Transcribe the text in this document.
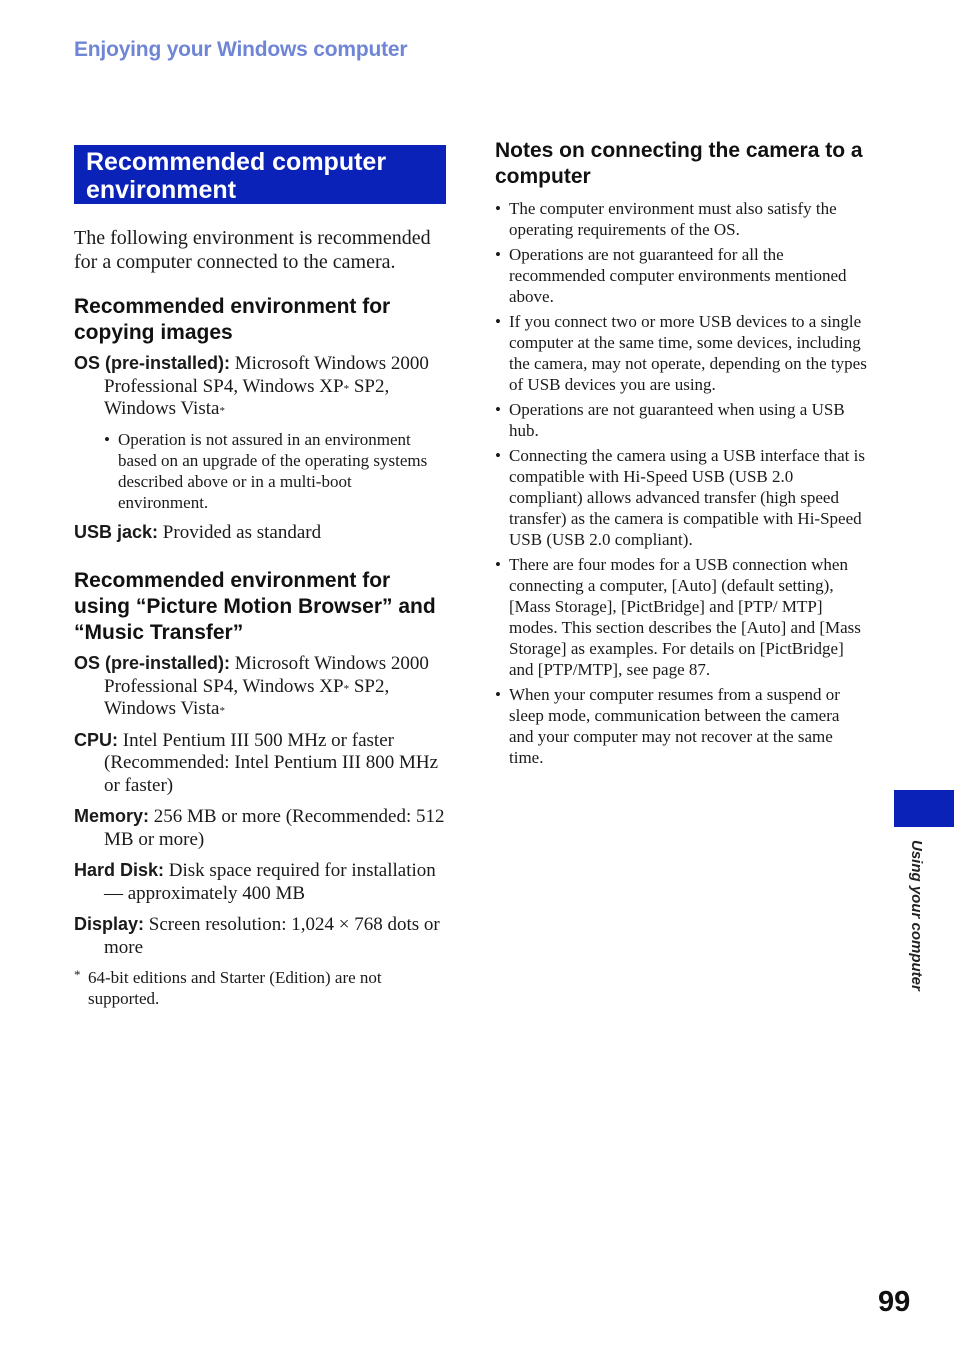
Enjoying your Windows computer
Recommended computer
environment

The following environment is recommended for a computer connected to the camera.

Recommended environment for copying images

OS (pre-installed): Microsoft Windows 2000 Professional SP4, Windows XP* SP2, Windows Vista*

• Operation is not assured in an environment based on an upgrade of the operating systems described above or in a multi-boot environment.

USB jack: Provided as standard

Recommended environment for using “Picture Motion Browser” and “Music Transfer”

OS (pre-installed): Microsoft Windows 2000 Professional SP4, Windows XP* SP2, Windows Vista*

CPU: Intel Pentium III 500 MHz or faster (Recommended: Intel Pentium III 800 MHz or faster)

Memory: 256 MB or more (Recommended: 512 MB or more)

Hard Disk: Disk space required for installation— approximately 400 MB

Display: Screen resolution: 1,024 × 768 dots or more

* 64-bit editions and Starter (Edition) are not supported.
Notes on connecting the camera to a computer
• The computer environment must also satisfy the operating requirements of the OS.
• Operations are not guaranteed for all the recommended computer environments mentioned above.
• If you connect two or more USB devices to a single computer at the same time, some devices, including the camera, may not operate, depending on the types of USB devices you are using.
• Operations are not guaranteed when using a USB hub.
• Connecting the camera using a USB interface that is compatible with Hi-Speed USB (USB 2.0 compliant) allows advanced transfer (high speed transfer) as the camera is compatible with Hi-Speed USB (USB 2.0 compliant).
• There are four modes for a USB connection when connecting a computer, [Auto] (default setting), [Mass Storage], [PictBridge] and [PTP/ MTP] modes. This section describes the [Auto] and [Mass Storage] as examples. For details on [PictBridge] and [PTP/MTP], see page 87.
• When your computer resumes from a suspend or sleep mode, communication between the camera and your computer may not recover at the same time.
Using your computer
99
